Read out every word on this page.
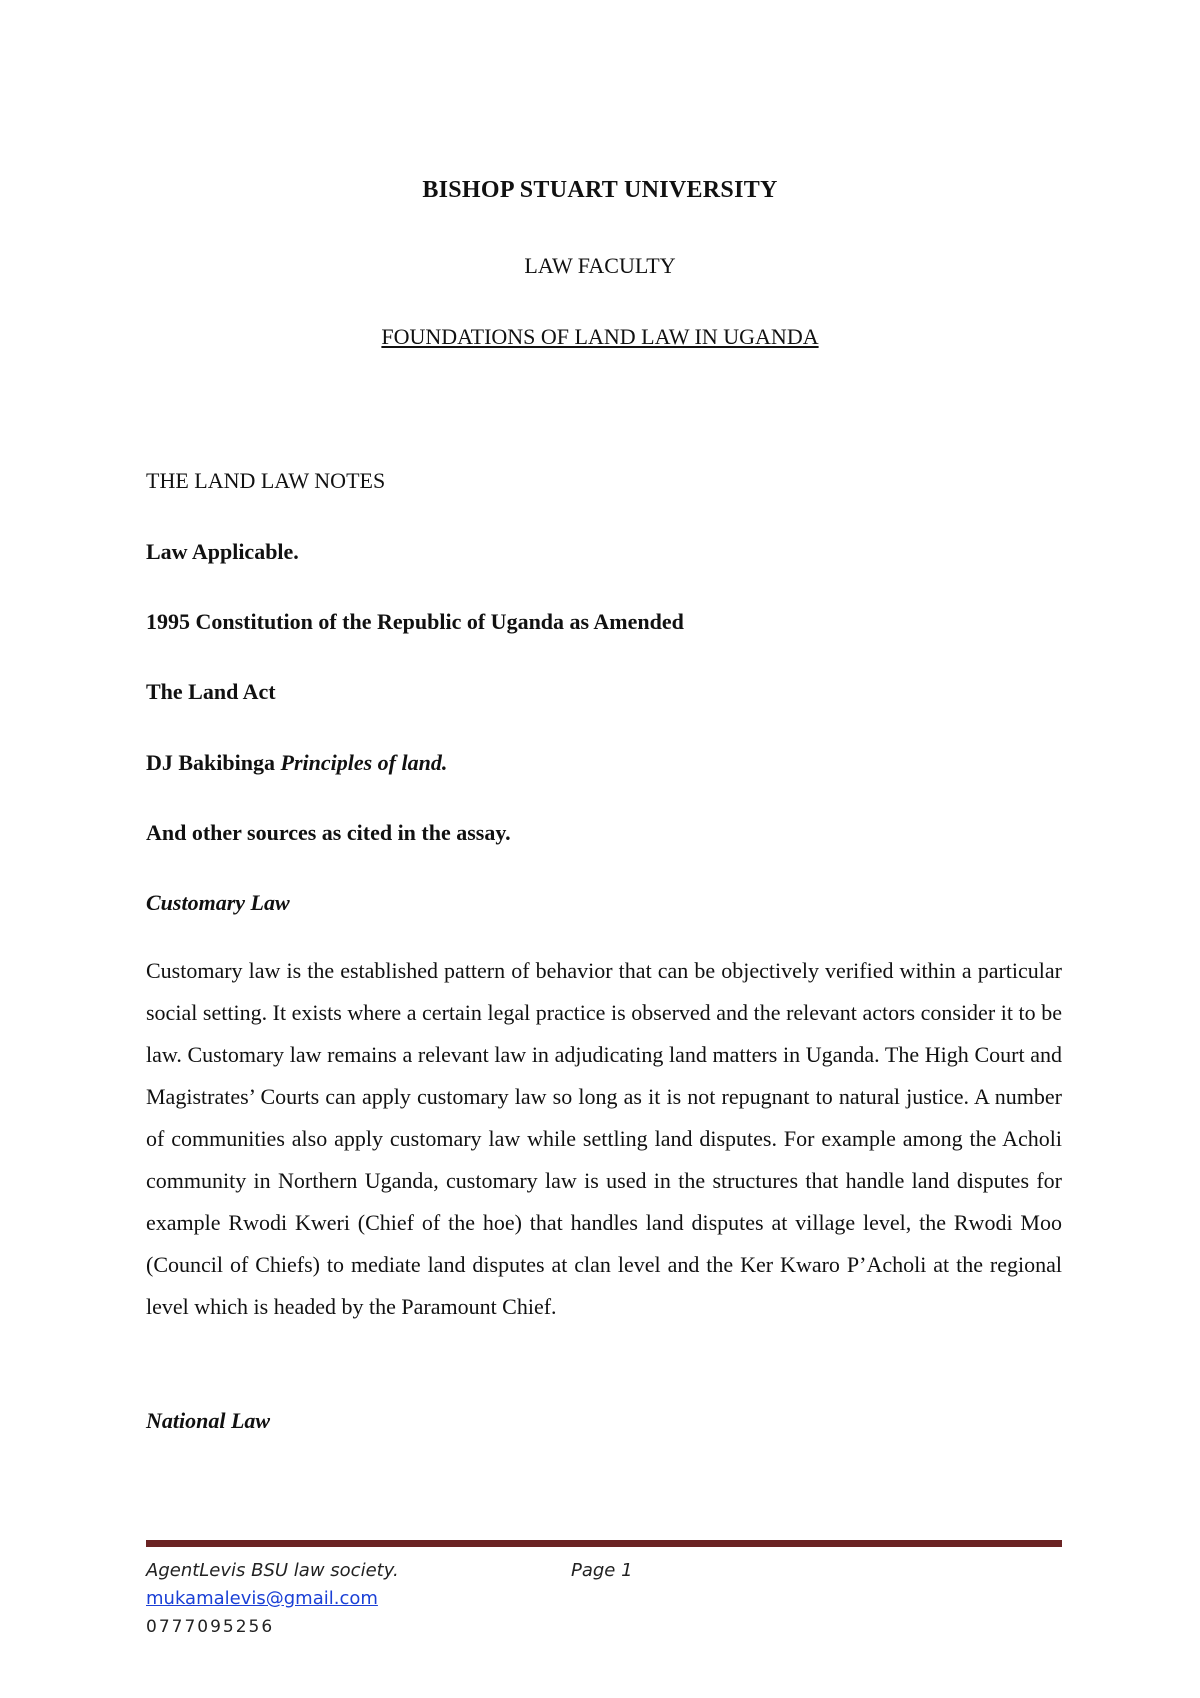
BISHOP STUART UNIVERSITY
LAW FACULTY
FOUNDATIONS OF LAND LAW IN UGANDA
THE LAND LAW NOTES
Law Applicable.
1995 Constitution of the Republic of Uganda as Amended
The Land Act
DJ Bakibinga Principles of land.
And other sources as cited in the assay.
Customary Law
Customary law is the established pattern of behavior that can be objectively verified within a particular social setting. It exists where a certain legal practice is observed and the relevant actors consider it to be law. Customary law remains a relevant law in adjudicating land matters in Uganda. The High Court and Magistrates’ Courts can apply customary law so long as it is not repugnant to natural justice. A number of communities also apply customary law while settling land disputes. For example among the Acholi community in Northern Uganda, customary law is used in the structures that handle land disputes for example Rwodi Kweri (Chief of the hoe) that handles land disputes at village level, the Rwodi Moo (Council of Chiefs) to mediate land disputes at clan level and the Ker Kwaro P’Acholi at the regional level which is headed by the Paramount Chief.
National Law
AgentLevis BSU law society.	Page 1
mukamalevis@gmail.com
0777095256
